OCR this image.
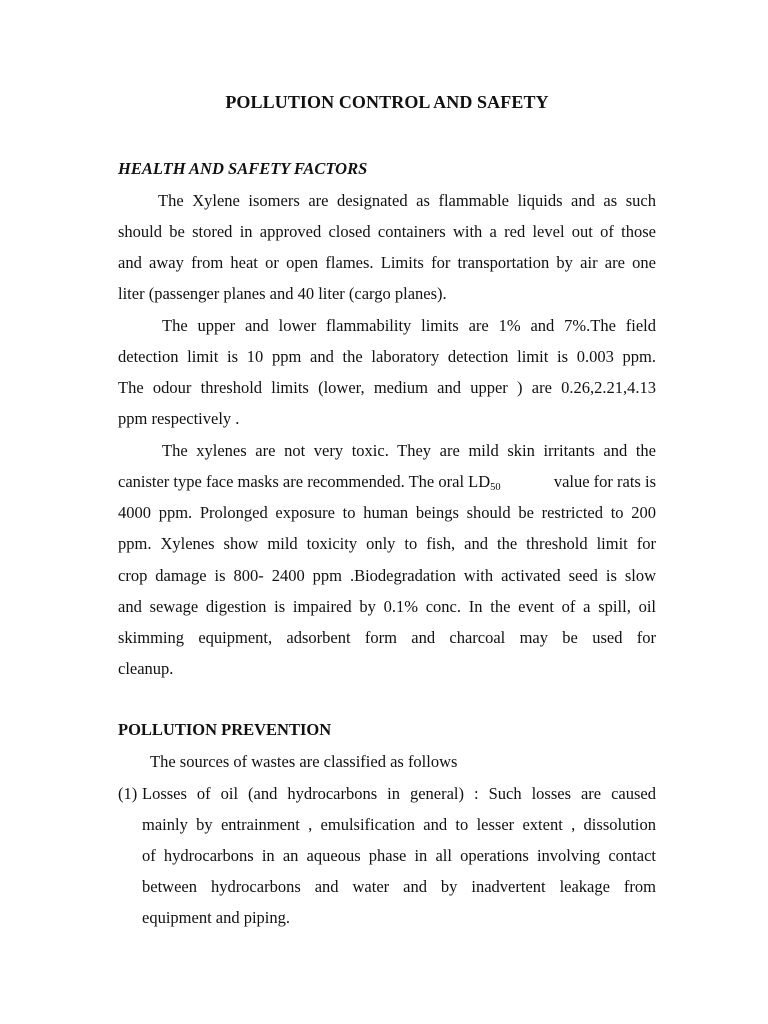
POLLUTION CONTROL AND SAFETY
HEALTH AND SAFETY FACTORS
The Xylene isomers are designated as flammable liquids and as such
should be stored in approved closed containers with a red level out of those
and away from heat or open flames. Limits for transportation by air are one
liter (passenger planes and 40 liter (cargo planes).
The upper and lower flammability limits are 1% and 7%.The field
detection limit is 10 ppm and the laboratory detection limit is 0.003 ppm.
The odour threshold limits (lower, medium and upper ) are 0.26,2.21,4.13
ppm respectively .
The xylenes are not very toxic. They are mild skin irritants and the
canister type face masks are recommended. The oral $LD_{50}$	value for rats is
4000 ppm. Prolonged exposure to human beings should be restricted to 200
ppm. Xylenes show mild toxicity only to fish, and the threshold limit for
crop damage is 800- 2400 ppm .Biodegradation with activated seed is slow
and sewage digestion is impaired by 0.1% conc. In the event of a spill, oil
skimming equipment, adsorbent form and charcoal may be used for
cleanup.
POLLUTION PREVENTION
The sources of wastes are classified as follows
(1) Losses of oil (and hydrocarbons in general) : Such losses are caused
mainly by entrainment , emulsification and to lesser extent , dissolution
of hydrocarbons in an aqueous phase in all operations involving contact
between hydrocarbons and water and by inadvertent leakage from
equipment and piping.
